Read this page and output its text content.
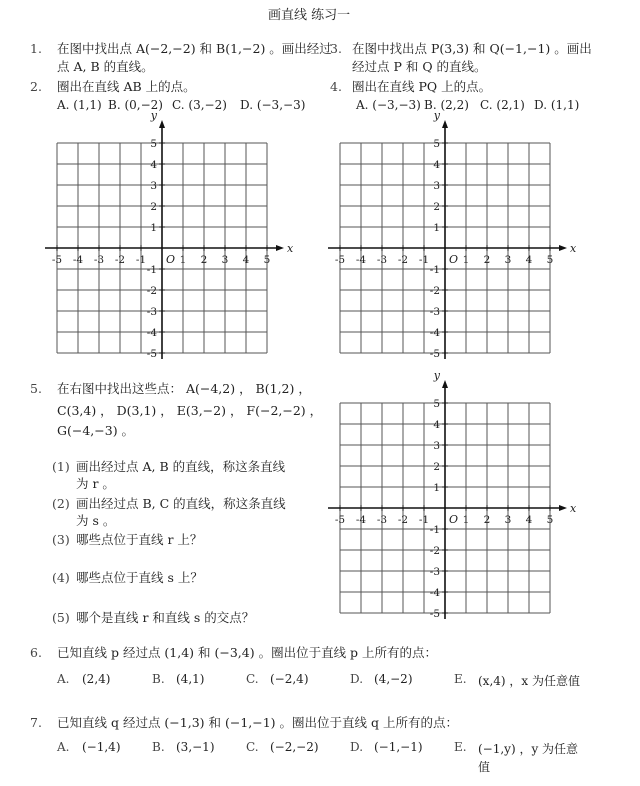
画直线 练习一
1. 在图中找出点 A(−2,−2) 和 B(1,−2) 。画出经过
点 A, B 的直线。
2. 圈出在直线 AB 上的点。
A. (1,1) B. (0,−2) C. (3,−2) D. (−3,−3)
3. 在图中找出点 P(3,3) 和 Q(−1,−1) 。画出
经过点 P 和 Q 的直线。
4. 圈出在直线 PQ 上的点。
A. (−3,−3) B. (2,2) C. (2,1) D. (1,1)
-5 -4 -3 -2 -1	1 2 3 4 5
5
4
3
2
1
-1
-2
-3
-4
-5
O
x
y
-5 -4 -3 -2 -1	1 2 3 4 5
5
4
3
2
1
-1
-2
-3
-4
-5
O
x
y
-5 -4 -3 -2 -1	1 2 3 4 5
5
4
3
2
1
-1
-2
-3
-4
-5
O
x
y
5. 在右图中找出这些点： A(−4,2) ， B(1,2) ，
C(3,4) ， D(3,1) ， E(3,−2) ， F(−2,−2) ，
G(−4,−3) 。
(1) 画出经过点 A, B 的直线，称这条直线
为 r 。
(2) 画出经过点 B, C 的直线，称这条直线
为 s 。
(3) 哪些点位于直线 r 上？
(4) 哪些点位于直线 s 上？
(5) 哪个是直线 r 和直线 s 的交点？
6. 已知直线 p 经过点 (1,4) 和 (−3,4) 。圈出位于直线 p 上所有的点：
A. (2,4)	B. (4,1)	C. (−2,4)	D. (4,−2)	E. (x,4) ，x 为任意值
7. 已知直线 q 经过点 (−1,3) 和 (−1,−1) 。圈出位于直线 q 上所有的点：
A. (−1,4)	B. (3,−1)	C. (−2,−2)	D. (−1,−1)	E. (−1,y) ，y 为任意
值
